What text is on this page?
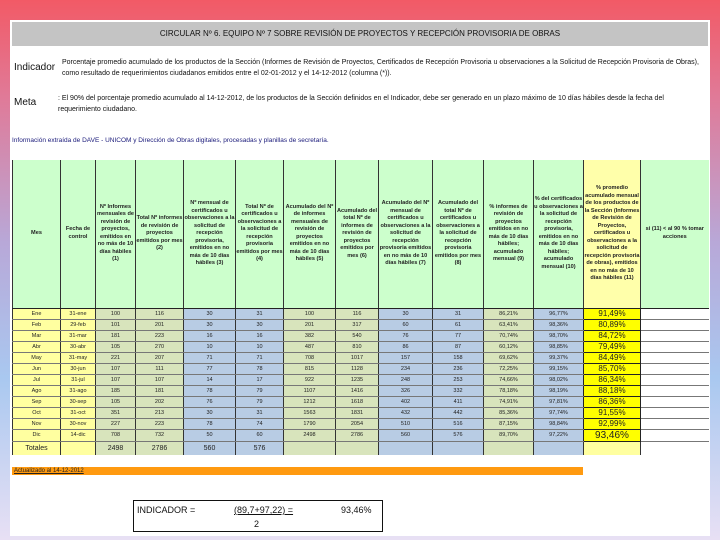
CIRCULAR Nº 6. EQUIPO Nº 7 SOBRE REVISIÓN DE PROYECTOS Y RECEPCIÓN PROVISORIA DE OBRAS
Indicador Porcentaje promedio acumulado de los productos de la Sección (Informes de Revisión de Proyectos, Certificados de Recepción Provisoria u observaciones a la Solicitud de Recepción Provisoria de Obras), como resultado de requerimientos ciudadanos emitidos entre el 02-01-2012 y el 14-12-2012 (columna (*)).
Meta	: El 90% del porcentaje promedio acumulado al 14-12-2012, de los productos de la Sección definidos en el Indicador, debe ser generado en un plazo máximo de 10 días hábiles desde la fecha del requerimiento ciudadano.
Información extraída de DAVE - UNICOM y Dirección de Obras digitales, procesadas y planillas de secretaría.
Mes	Fecha de control	Nº Informes mensuales de revisión de proyectos, emitidos en no más de 10 días hábiles (1)	Total Nº informes de revisión de proyectos emitidos por mes (2)	Nº mensual de certificados u observaciones a la solicitud de recepción provisoria, emitidos en no más de 10 días hábiles (3)	Total Nº de certificados u observaciones a la solicitud de recepción provisoria emitidos por mes (4)	Acumulado del Nº de informes mensuales de revisión de proyectos emitidos en no más de 10 días hábiles (5)	Acumulado del total Nº de informes de revisión de proyectos emitidos por mes (6)	Acumulado del Nº mensual de certificados u observaciones a la solicitud de recepción provisoria emitidos en no más de 10 días hábiles (7)	Acumulado del total Nº de certificados u observaciones a la solicitud de recepción provisoria emitidos por mes (8)	% informes de revisión de proyectos emitidos en no más de 10 días hábiles; acumulado mensual (9)	% del certificados u observaciones a la solicitud de recepción provisoria, emitidos en no más de 10 días hábiles; acumulado mensual (10)	% promedio acumulado mensual de los productos de la Sección (Informes de Revisión de Proyectos, certificados u observaciones a la solicitud de recepción provisoria de obras), emitidos en no más de 10 días hábiles (11)	si (11) < al 90 % tomar acciones
Ene	31-ene	100	116	30	31	100	116	30	31	86,21%	96,77%	91,49%	
Feb	29-feb	101	201	30	30	201	317	60	61	63,41%	98,36%	80,89%	
Mar	31-mar	181	223	16	16	382	540	76	77	70,74%	98,70%	84,72%	
Abr	30-abr	105	270	10	10	487	810	86	87	60,12%	98,85%	79,49%	
May	31-may	221	207	71	71	708	1017	157	158	69,62%	99,37%	84,49%	
Jun	30-jun	107	111	77	78	815	1128	234	236	72,25%	99,15%	85,70%	
Jul	31-jul	107	107	14	17	922	1235	248	253	74,66%	98,02%	86,34%	
Ago	31-ago	185	181	78	79	1107	1416	326	332	78,18%	98,19%	88,18%	
Sep	30-sep	105	202	76	79	1212	1618	402	411	74,91%	97,81%	86,36%	
Oct	31-oct	351	213	30	31	1563	1831	432	442	85,36%	97,74%	91,55%	
Nov	30-nov	227	223	78	74	1790	2054	510	516	87,15%	98,84%	92,99%	
Dic	14-dic	708	732	50	60	2498	2786	560	576	89,70%	97,22%	93,46%	
Totales		2498	2786	560	576								
Actualizado al 14-12-2012
INDICADOR =	(89,7+97,22) =
2
93,46%
